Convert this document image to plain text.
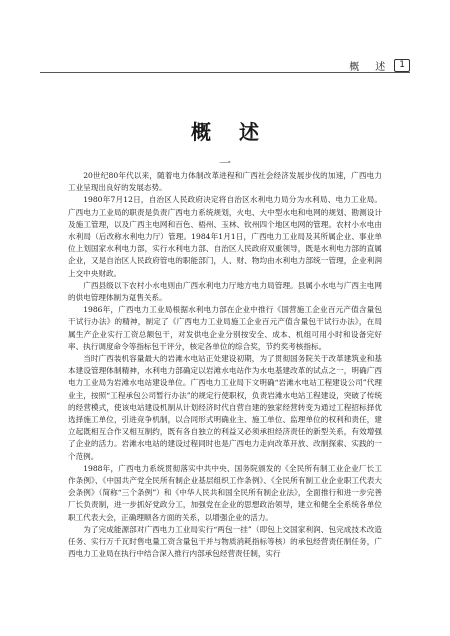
概　述	1
概述
一

20世纪80年代以来，随着电力体制改革进程和广西社会经济发展步伐的加速，广西电力工业呈现出良好的发展态势。

1980年7月12日，自治区人民政府决定将自治区水利电力局分为水利局、电力工业局。广西电力工业局的职责是负责广西电力系统规划，火电、大中型水电和电网的规划、勘测设计及施工管理，以及广西主电网和百色、梧州、玉林、钦州四个地区电网的管理。农村小水电由水利局（后改称水利电力厅）管理。1984年1月1日，广西电力工业局及其所属企业、事业单位上划国家水利电力部，实行水利电力部、自治区人民政府双重领导，既是水利电力部的直属企业，又是自治区人民政府管电的职能部门，人、财、物均由水利电力部统一管理，企业利润上交中央财政。

广西县级以下农村小水电则由广西水利电力厅地方电力局管理。县属小水电与广西主电网的供电管理体制为趸售关系。

1986年，广西电力工业局根据水利电力部在企业中推行《国营施工企业百元产值含量包干试行办法》的精神，制定了《广西电力工业局施工企业百元产值含量包干试行办法》，在局属生产企业实行工资总额包干，对发供电企业分别按安全、成本、机组可用小时和设备完好率、执行调度命令等指标包干评分，核定各单位的综合奖，节约奖考核指标。

当时广西装机容量最大的岩滩水电站正处建设初期，为了贯彻国务院关于改革建筑业和基本建设管理体制精神，水利电力部确定以岩滩水电站作为水电基建改革的试点之一，明确广西电力工业局为岩滩水电站建设单位。广西电力工业局下文明确“岩滩水电站工程建设公司”代理业主，按照“工程承包公司暂行办法”的规定行使职权，负责岩滩水电站工程建设，突破了传统的经营模式，使该电站建设机制从计划经济时代自营自建的独家经营转变为通过工程招标择优选择施工单位，引进竞争机制，以合同形式明确业主、施工单位、监理单位的权利和责任，建立起既相互合作又相互制约，既有各自独立的利益又必须承担经济责任的新型关系，有效增强了企业的活力。岩滩水电站的建设过程同时也是广西电力走向改革开放、改制探索、实践的一个范例。

1988年，广西电力系统贯彻落实中共中央、国务院颁发的《全民所有制工业企业厂长工作条例》、《中国共产党全民所有制企业基层组织工作条例》、《全民所有制工业企业职工代表大会条例》（简称“三个条例”）和《中华人民共和国全民所有制企业法》，全面推行和进一步完善厂长负责制，进一步抓好党政分工，加强党在企业的思想政治领导，建立和健全全系统各单位职工代表大会，正确理顺各方面的关系，以增强企业的活力。

为了完成能源部对广西电力工业局实行“两包一挂”（即包上交国家利润、包完成技术改造任务、实行万千瓦时售电量工资含量包干并与物质消耗指标等核）的承包经营责任制任务，广西电力工业局在执行中结合深入推行内部承包经营责任制，实行
